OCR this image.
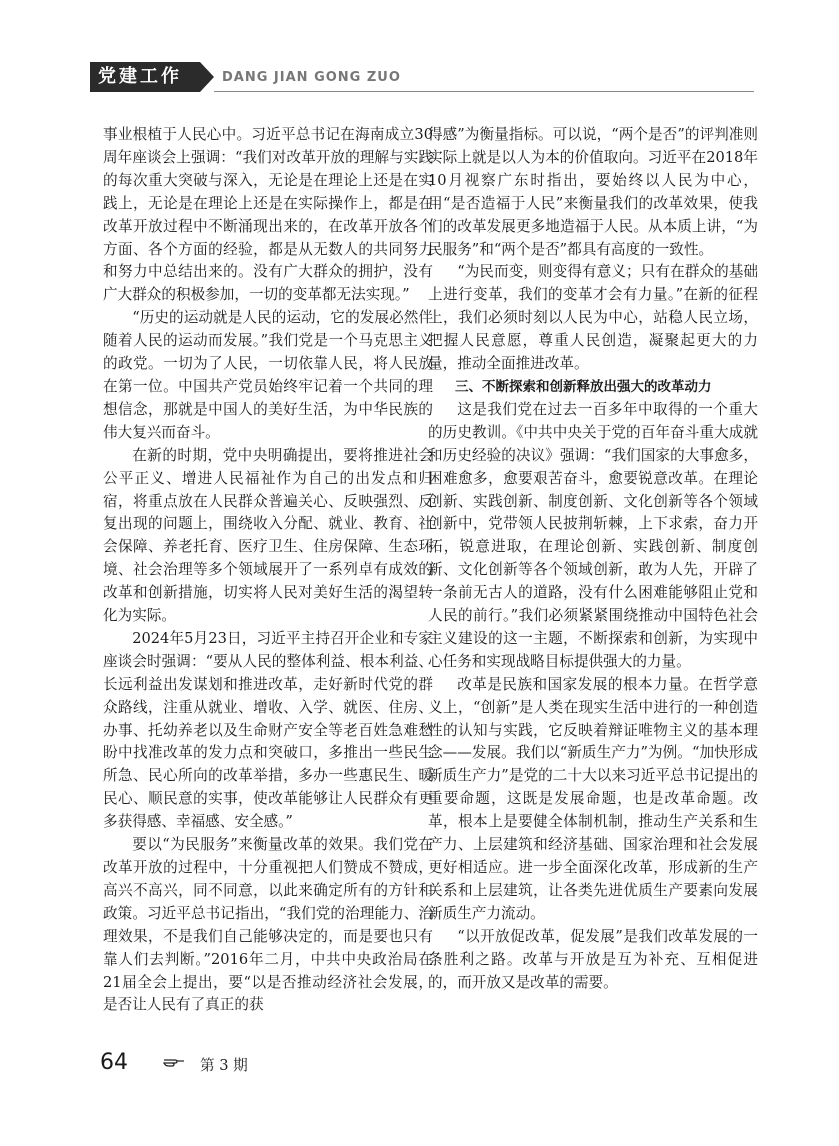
党建工作	DANG JIAN GONG ZUO

事业根植于人民心中。习近平总书记在海南成立30周年座谈会上强调：“我们对改革开放的理解与实践的每次重大突破与深入，无论是在理论上还是在实践上，无论是在理论上还是在实际操作上，都是在改革开放过程中不断涌现出来的，在改革开放各个方面、各个方面的经验，都是从无数人的共同努力和努力中总结出来的。没有广大群众的拥护，没有广大群众的积极参加，一切的变革都无法实现。”

“历史的运动就是人民的运动，它的发展必然伴随着人民的运动而发展。”我们党是一个马克思主义的政党。一切为了人民，一切依靠人民，将人民放在第一位。中国共产党员始终牢记着一个共同的理想信念，那就是中国人的美好生活，为中华民族的伟大复兴而奋斗。

在新的时期，党中央明确提出，要将推进社会公平正义、增进人民福祉作为自己的出发点和归宿，将重点放在人民群众普遍关心、反映强烈、反复出现的问题上，围绕收入分配、就业、教育、社会保障、养老托育、医疗卫生、住房保障、生态环境、社会治理等多个领域展开了一系列卓有成效的改革和创新措施，切实将人民对美好生活的渴望转化为实际。

2024年5月23日，习近平主持召开企业和专家座谈会时强调：“要从人民的整体利益、根本利益、长远利益出发谋划和推进改革，走好新时代党的群众路线，注重从就业、增收、入学、就医、住房、办事、托幼养老以及生命财产安全等老百姓急难愁盼中找准改革的发力点和突破口，多推出一些民生所急、民心所向的改革举措，多办一些惠民生、暖民心、顺民意的实事，使改革能够让人民群众有更多获得感、幸福感、安全感。”

要以“为民服务”来衡量改革的效果。我们党在改革开放的过程中，十分重视把人们赞成不赞成，高兴不高兴，同不同意，以此来确定所有的方针和政策。习近平总书记指出，“我们党的治理能力、治理效果，不是我们自己能够决定的，而是要也只有靠人们去判断。”2016年二月，中共中央政治局在21届全会上提出，要“以是否推动经济社会发展，是否让人民有了真正的获

得感”为衡量指标。可以说，“两个是否”的评判准则实际上就是以人为本的价值取向。习近平在2018年10月视察广东时指出，要始终以人民为中心，用“是否造福于人民”来衡量我们的改革效果，使我们的改革发展更多地造福于人民。从本质上讲，“为民服务”和“两个是否”都具有高度的一致性。

“为民而变，则变得有意义；只有在群众的基础上进行变革，我们的变革才会有力量。”在新的征程上，我们必须时刻以人民为中心，站稳人民立场，把握人民意愿，尊重人民创造，凝聚起更大的力量，推动全面推进改革。

三、不断探索和创新释放出强大的改革动力

这是我们党在过去一百多年中取得的一个重大的历史教训。《中共中央关于党的百年奋斗重大成就和历史经验的决议》强调：“我们国家的大事愈多，困难愈多，愈要艰苦奋斗，愈要锐意改革。在理论创新、实践创新、制度创新、文化创新等各个领域创新中，党带领人民披荆斩棘，上下求索，奋力开拓，锐意进取，在理论创新、实践创新、制度创新、文化创新等各个领域创新，敢为人先，开辟了一条前无古人的道路，没有什么困难能够阻止党和人民的前行。”我们必须紧紧围绕推动中国特色社会主义建设的这一主题，不断探索和创新，为实现中心任务和实现战略目标提供强大的力量。

改革是民族和国家发展的根本力量。在哲学意义上，“创新”是人类在现实生活中进行的一种创造性的认知与实践，它反映着辩证唯物主义的基本理念——发展。我们以“新质生产力”为例。“加快形成新质生产力”是党的二十大以来习近平总书记提出的重要命题，这既是发展命题，也是改革命题。改革，根本上是要健全体制机制，推动生产关系和生产力、上层建筑和经济基础、国家治理和社会发展更好相适应。进一步全面深化改革，形成新的生产关系和上层建筑，让各类先进优质生产要素向发展新质生产力流动。

“以开放促改革，促发展”是我们改革发展的一条胜利之路。改革与开放是互为补充、互相促进的，而开放又是改革的需要。

64	第 3 期
